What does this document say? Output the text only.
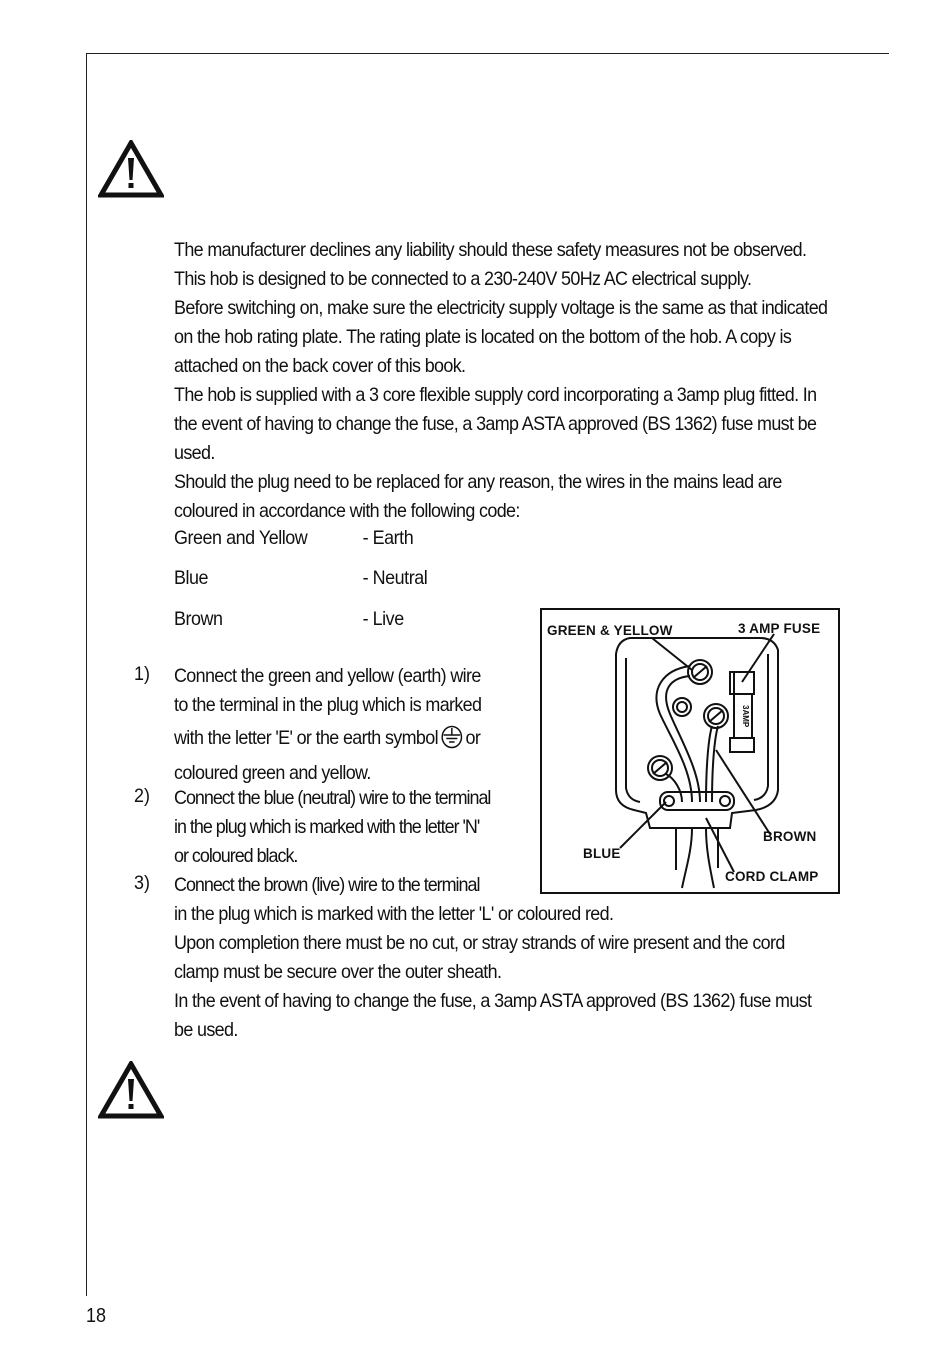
The manufacturer declines any liability should these safety measures not be observed.
This hob is designed to be connected to a 230-240V 50Hz AC electrical supply.
Before switching on, make sure the electricity supply voltage is the same as that indicated
on the hob rating plate. The rating plate is located on the bottom of the hob. A copy is
attached on the back cover of this book.
The hob is supplied with a 3 core flexible supply cord incorporating a 3amp plug fitted. In
the event of having to change the fuse, a 3amp ASTA approved (BS 1362) fuse must be
used.
Should the plug need to be replaced for any reason, the wires in the mains lead are
coloured in accordance with the following code:
Green and Yellow	- Earth
Blue	- Neutral
Brown	- Live
1) Connect the green and yellow (earth) wire
to the terminal in the plug which is marked
with the letter 'E' or the earth symbol or
coloured green and yellow.
2) Connect the blue (neutral) wire to the terminal
in the plug which is marked with the letter 'N'
or coloured black.
3) Connect the brown (live) wire to the terminal
in the plug which is marked with the letter 'L' or coloured red.
Upon completion there must be no cut, or stray strands of wire present and the cord
clamp must be secure over the outer sheath.
In the event of having to change the fuse, a 3amp ASTA approved (BS 1362) fuse must
be used.
3AMP
GREEN & YELLOW	3 AMP FUSE
BROWN
BLUE
CORD CLAMP
18
